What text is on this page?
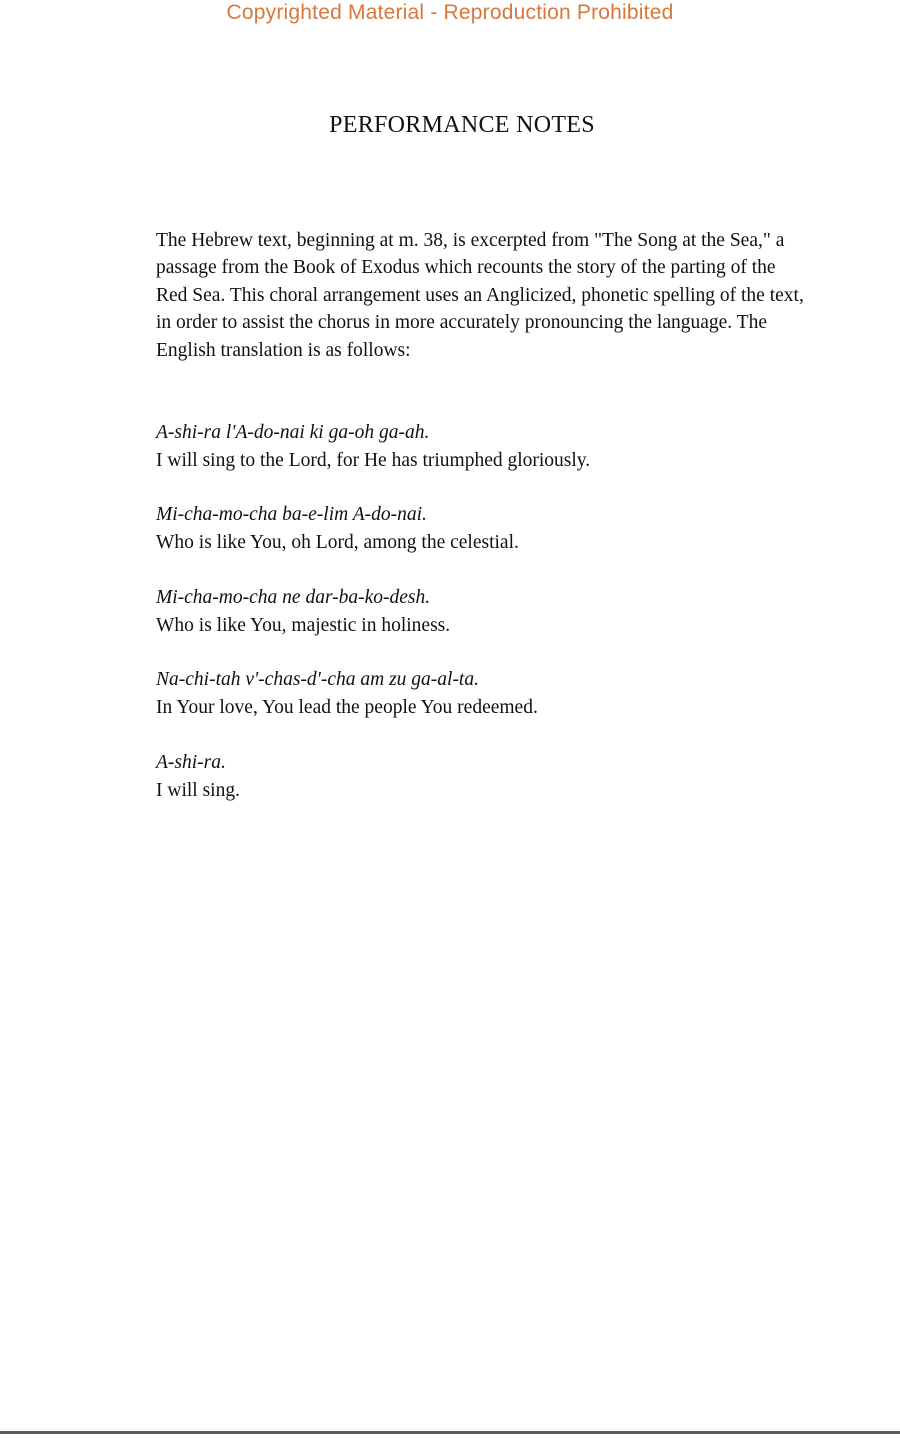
Copyrighted Material - Reproduction Prohibited
PERFORMANCE NOTES

The Hebrew text, beginning at m. 38, is excerpted from "The Song at the Sea," a passage from the Book of Exodus which recounts the story of the parting of the Red Sea. This choral arrangement uses an Anglicized, phonetic spelling of the text, in order to assist the chorus in more accurately pronouncing the language. The English translation is as follows:

A-shi-ra l'A-do-nai ki ga-oh ga-ah.
I will sing to the Lord, for He has triumphed gloriously.
Mi-cha-mo-cha ba-e-lim A-do-nai.
Who is like You, oh Lord, among the celestial.
Mi-cha-mo-cha ne dar-ba-ko-desh.
Who is like You, majestic in holiness.
Na-chi-tah v'-chas-d'-cha am zu ga-al-ta.
In Your love, You lead the people You redeemed.
A-shi-ra.
I will sing.
